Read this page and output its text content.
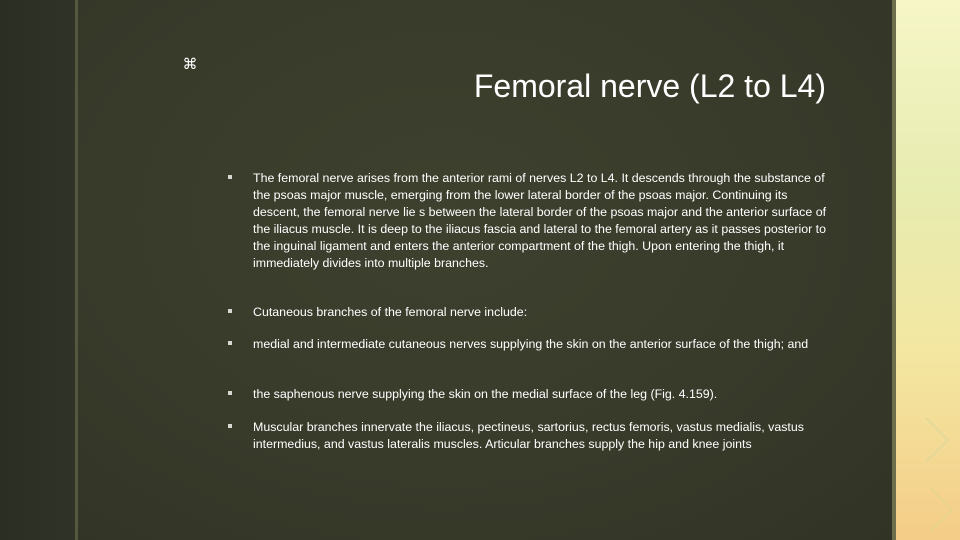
⌘
Femoral nerve (L2 to L4)
The femoral nerve arises from the anterior rami of nerves L2 to L4. It descends through the substance of the psoas major muscle, emerging from the lower lateral border of the psoas major. Continuing its descent, the femoral nerve lie s between the lateral border of the psoas major and the anterior surface of the iliacus muscle. It is deep to the iliacus fascia and lateral to the femoral artery as it passes posterior to the inguinal ligament and enters the anterior compartment of the thigh. Upon entering the thigh, it immediately divides into multiple branches.
Cutaneous branches of the femoral nerve include:
medial and intermediate cutaneous nerves supplying the skin on the anterior surface of the thigh; and
the saphenous nerve supplying the skin on the medial surface of the leg (Fig. 4.159).
Muscular branches innervate the iliacus, pectineus, sartorius, rectus femoris, vastus medialis, vastus intermedius, and vastus lateralis muscles. Articular branches supply the hip and knee joints
